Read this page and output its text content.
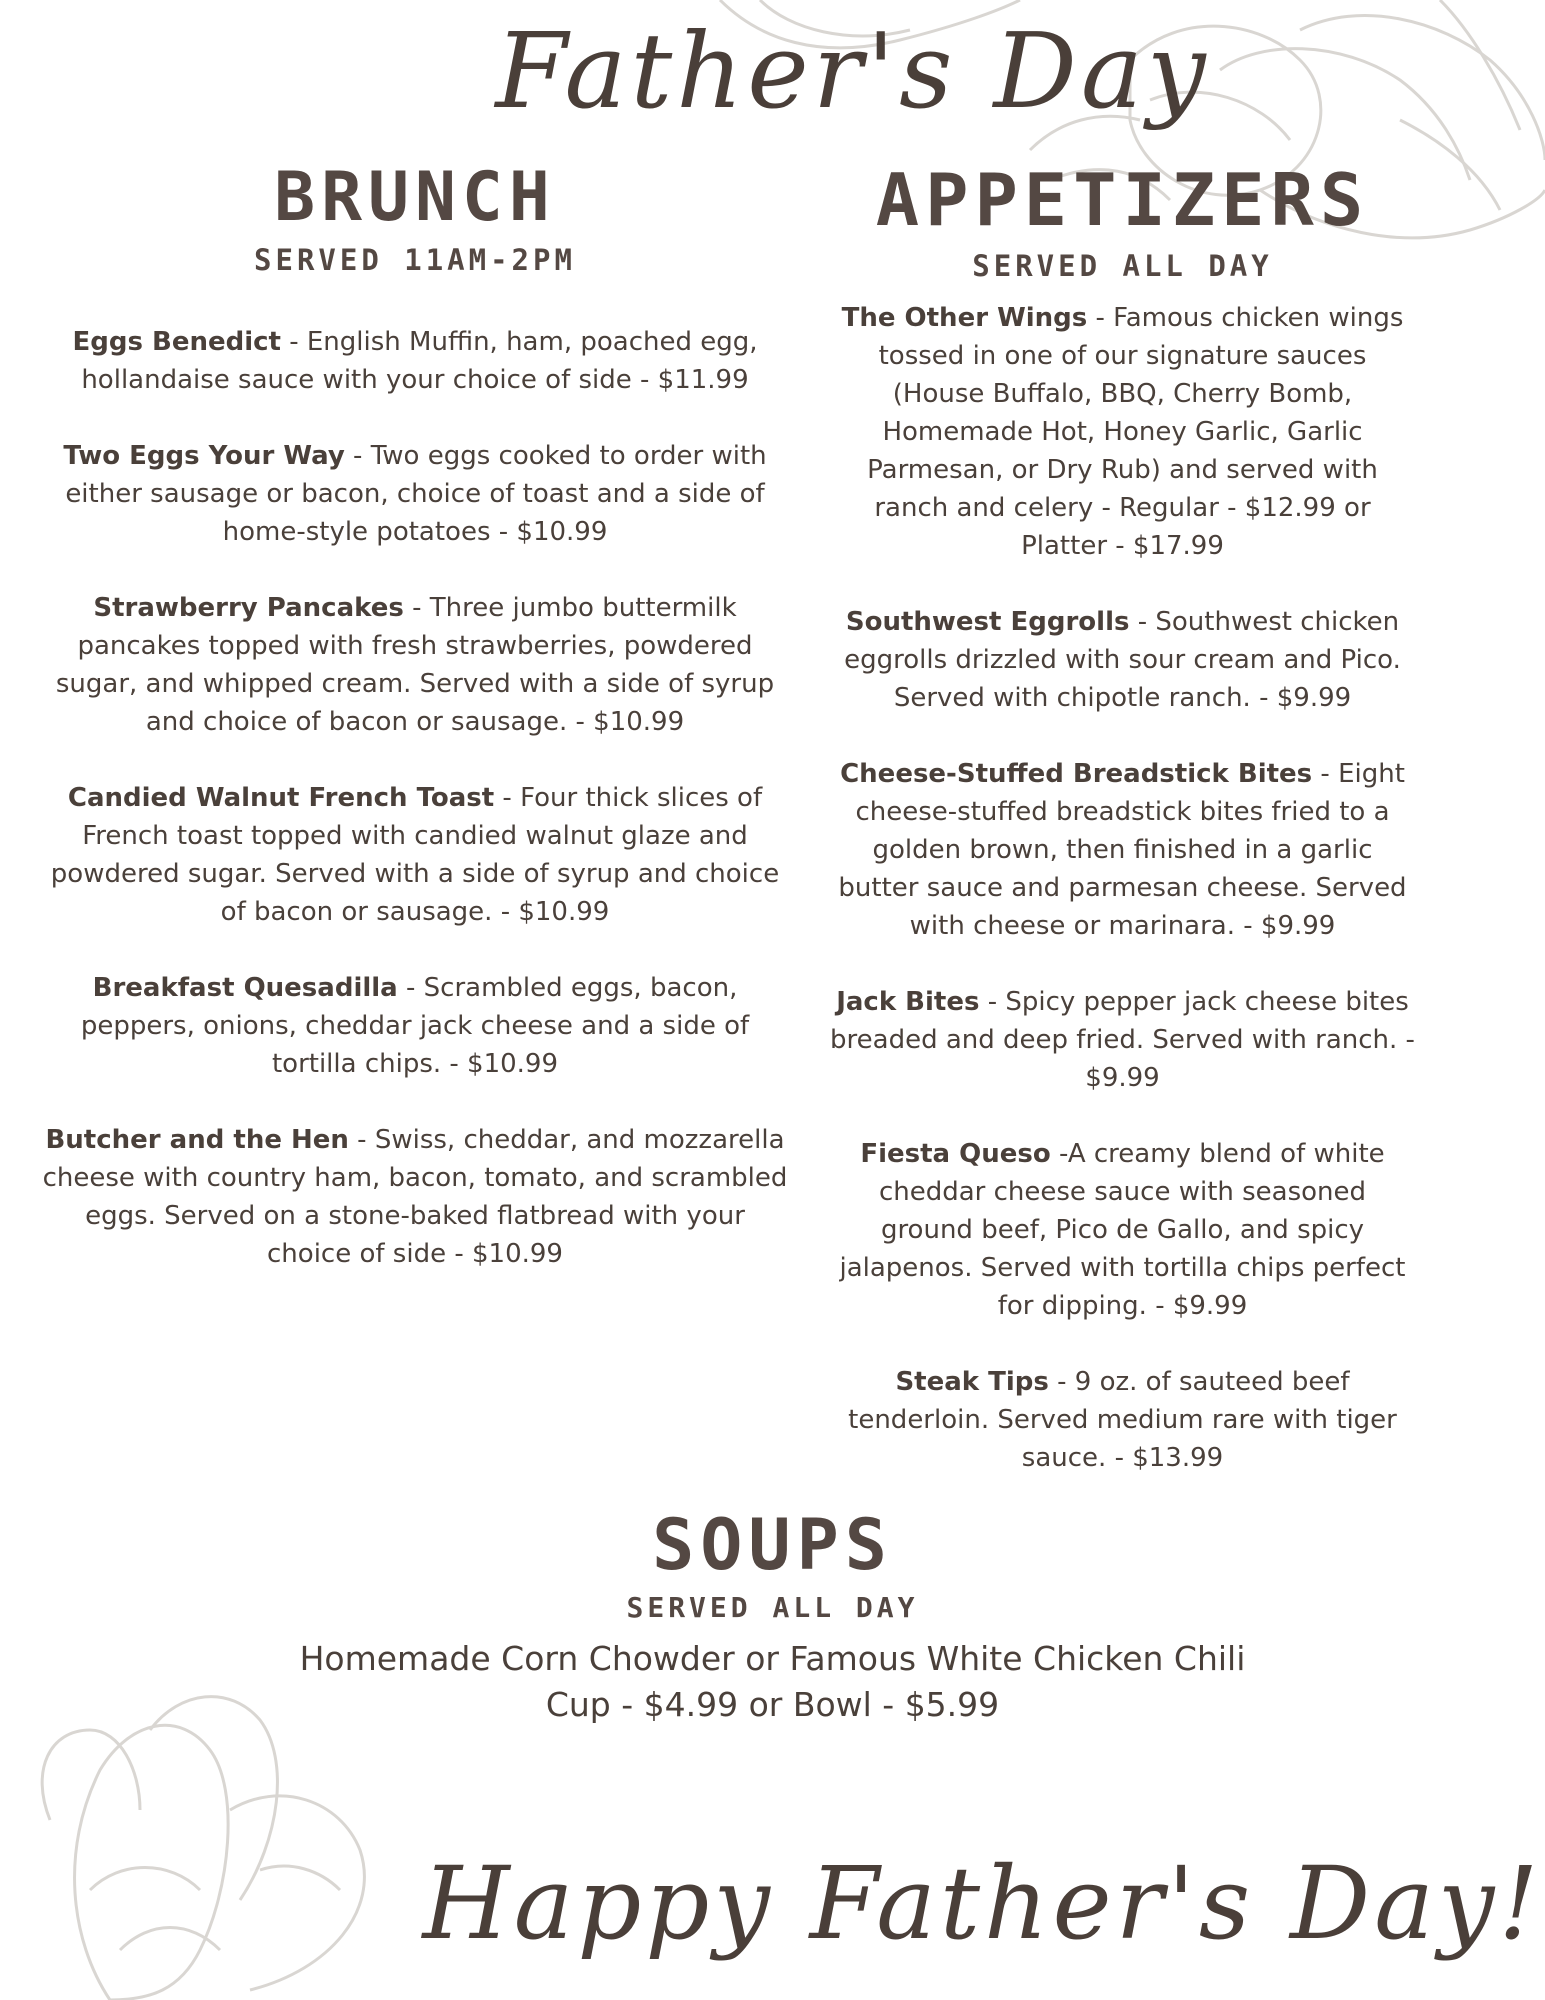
Father's Day
BRUNCH
SERVED 11AM-2PM

Eggs Benedict - English Muffin, ham, poached egg, hollandaise sauce with your choice of side - $11.99

Two Eggs Your Way - Two eggs cooked to order with either sausage or bacon, choice of toast and a side of home-style potatoes - $10.99

Strawberry Pancakes - Three jumbo buttermilk pancakes topped with fresh strawberries, powdered sugar, and whipped cream. Served with a side of syrup and choice of bacon or sausage. - $10.99

Candied Walnut French Toast - Four thick slices of French toast topped with candied walnut glaze and powdered sugar. Served with a side of syrup and choice of bacon or sausage. - $10.99

Breakfast Quesadilla - Scrambled eggs, bacon, peppers, onions, cheddar jack cheese and a side of tortilla chips. - $10.99

Butcher and the Hen - Swiss, cheddar, and mozzarella cheese with country ham, bacon, tomato, and scrambled eggs. Served on a stone-baked flatbread with your choice of side - $10.99

APPETIZERS
SERVED ALL DAY

The Other Wings - Famous chicken wings tossed in one of our signature sauces (House Buffalo, BBQ, Cherry Bomb, Homemade Hot, Honey Garlic, Garlic Parmesan, or Dry Rub) and served with ranch and celery - Regular - $12.99 or Platter - $17.99

Southwest Eggrolls - Southwest chicken eggrolls drizzled with sour cream and Pico. Served with chipotle ranch. - $9.99

Cheese-Stuffed Breadstick Bites - Eight cheese-stuffed breadstick bites fried to a golden brown, then finished in a garlic butter sauce and parmesan cheese. Served with cheese or marinara. - $9.99

Jack Bites - Spicy pepper jack cheese bites breaded and deep fried. Served with ranch. - $9.99

Fiesta Queso -A creamy blend of white cheddar cheese sauce with seasoned ground beef, Pico de Gallo, and spicy jalapenos. Served with tortilla chips perfect for dipping. - $9.99

Steak Tips - 9 oz. of sauteed beef tenderloin. Served medium rare with tiger sauce. - $13.99

SOUPS
SERVED ALL DAY

Homemade Corn Chowder or Famous White Chicken Chili

Cup - $4.99 or Bowl - $5.99

Happy Father's Day!
